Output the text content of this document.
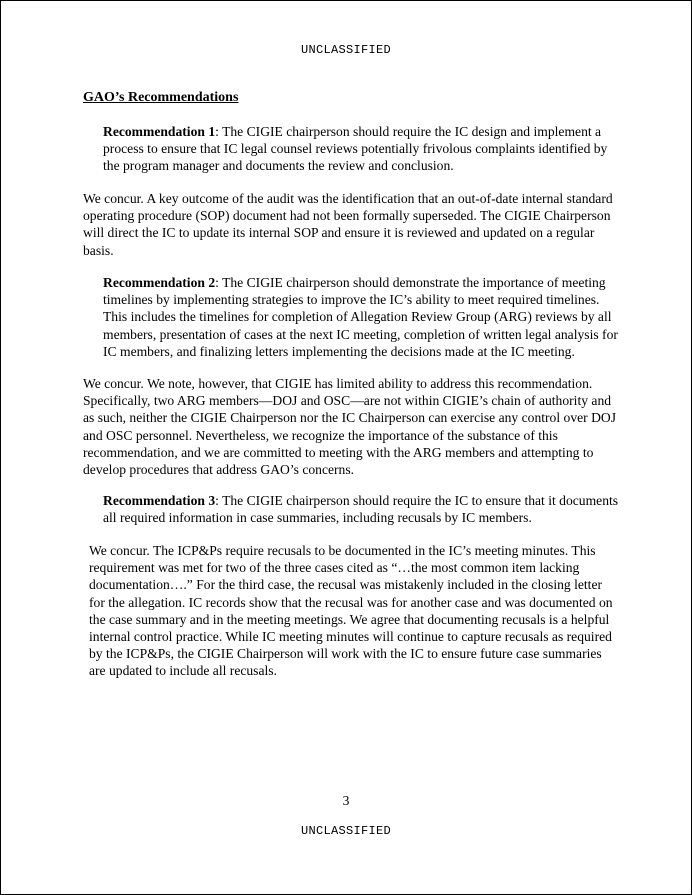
UNCLASSIFIED
GAO’s Recommendations
Recommendation 1: The CIGIE chairperson should require the IC design and implement a process to ensure that IC legal counsel reviews potentially frivolous complaints identified by the program manager and documents the review and conclusion.
We concur. A key outcome of the audit was the identification that an out-of-date internal standard operating procedure (SOP) document had not been formally superseded. The CIGIE Chairperson will direct the IC to update its internal SOP and ensure it is reviewed and updated on a regular basis.
Recommendation 2: The CIGIE chairperson should demonstrate the importance of meeting timelines by implementing strategies to improve the IC’s ability to meet required timelines. This includes the timelines for completion of Allegation Review Group (ARG) reviews by all members, presentation of cases at the next IC meeting, completion of written legal analysis for IC members, and finalizing letters implementing the decisions made at the IC meeting.
We concur. We note, however, that CIGIE has limited ability to address this recommendation. Specifically, two ARG members—DOJ and OSC—are not within CIGIE’s chain of authority and as such, neither the CIGIE Chairperson nor the IC Chairperson can exercise any control over DOJ and OSC personnel. Nevertheless, we recognize the importance of the substance of this recommendation, and we are committed to meeting with the ARG members and attempting to develop procedures that address GAO’s concerns.
Recommendation 3: The CIGIE chairperson should require the IC to ensure that it documents all required information in case summaries, including recusals by IC members.
We concur. The ICP&Ps require recusals to be documented in the IC’s meeting minutes. This requirement was met for two of the three cases cited as “…the most common item lacking documentation….” For the third case, the recusal was mistakenly included in the closing letter for the allegation. IC records show that the recusal was for another case and was documented on the case summary and in the meeting meetings. We agree that documenting recusals is a helpful internal control practice. While IC meeting minutes will continue to capture recusals as required by the ICP&Ps, the CIGIE Chairperson will work with the IC to ensure future case summaries are updated to include all recusals.
3
UNCLASSIFIED
